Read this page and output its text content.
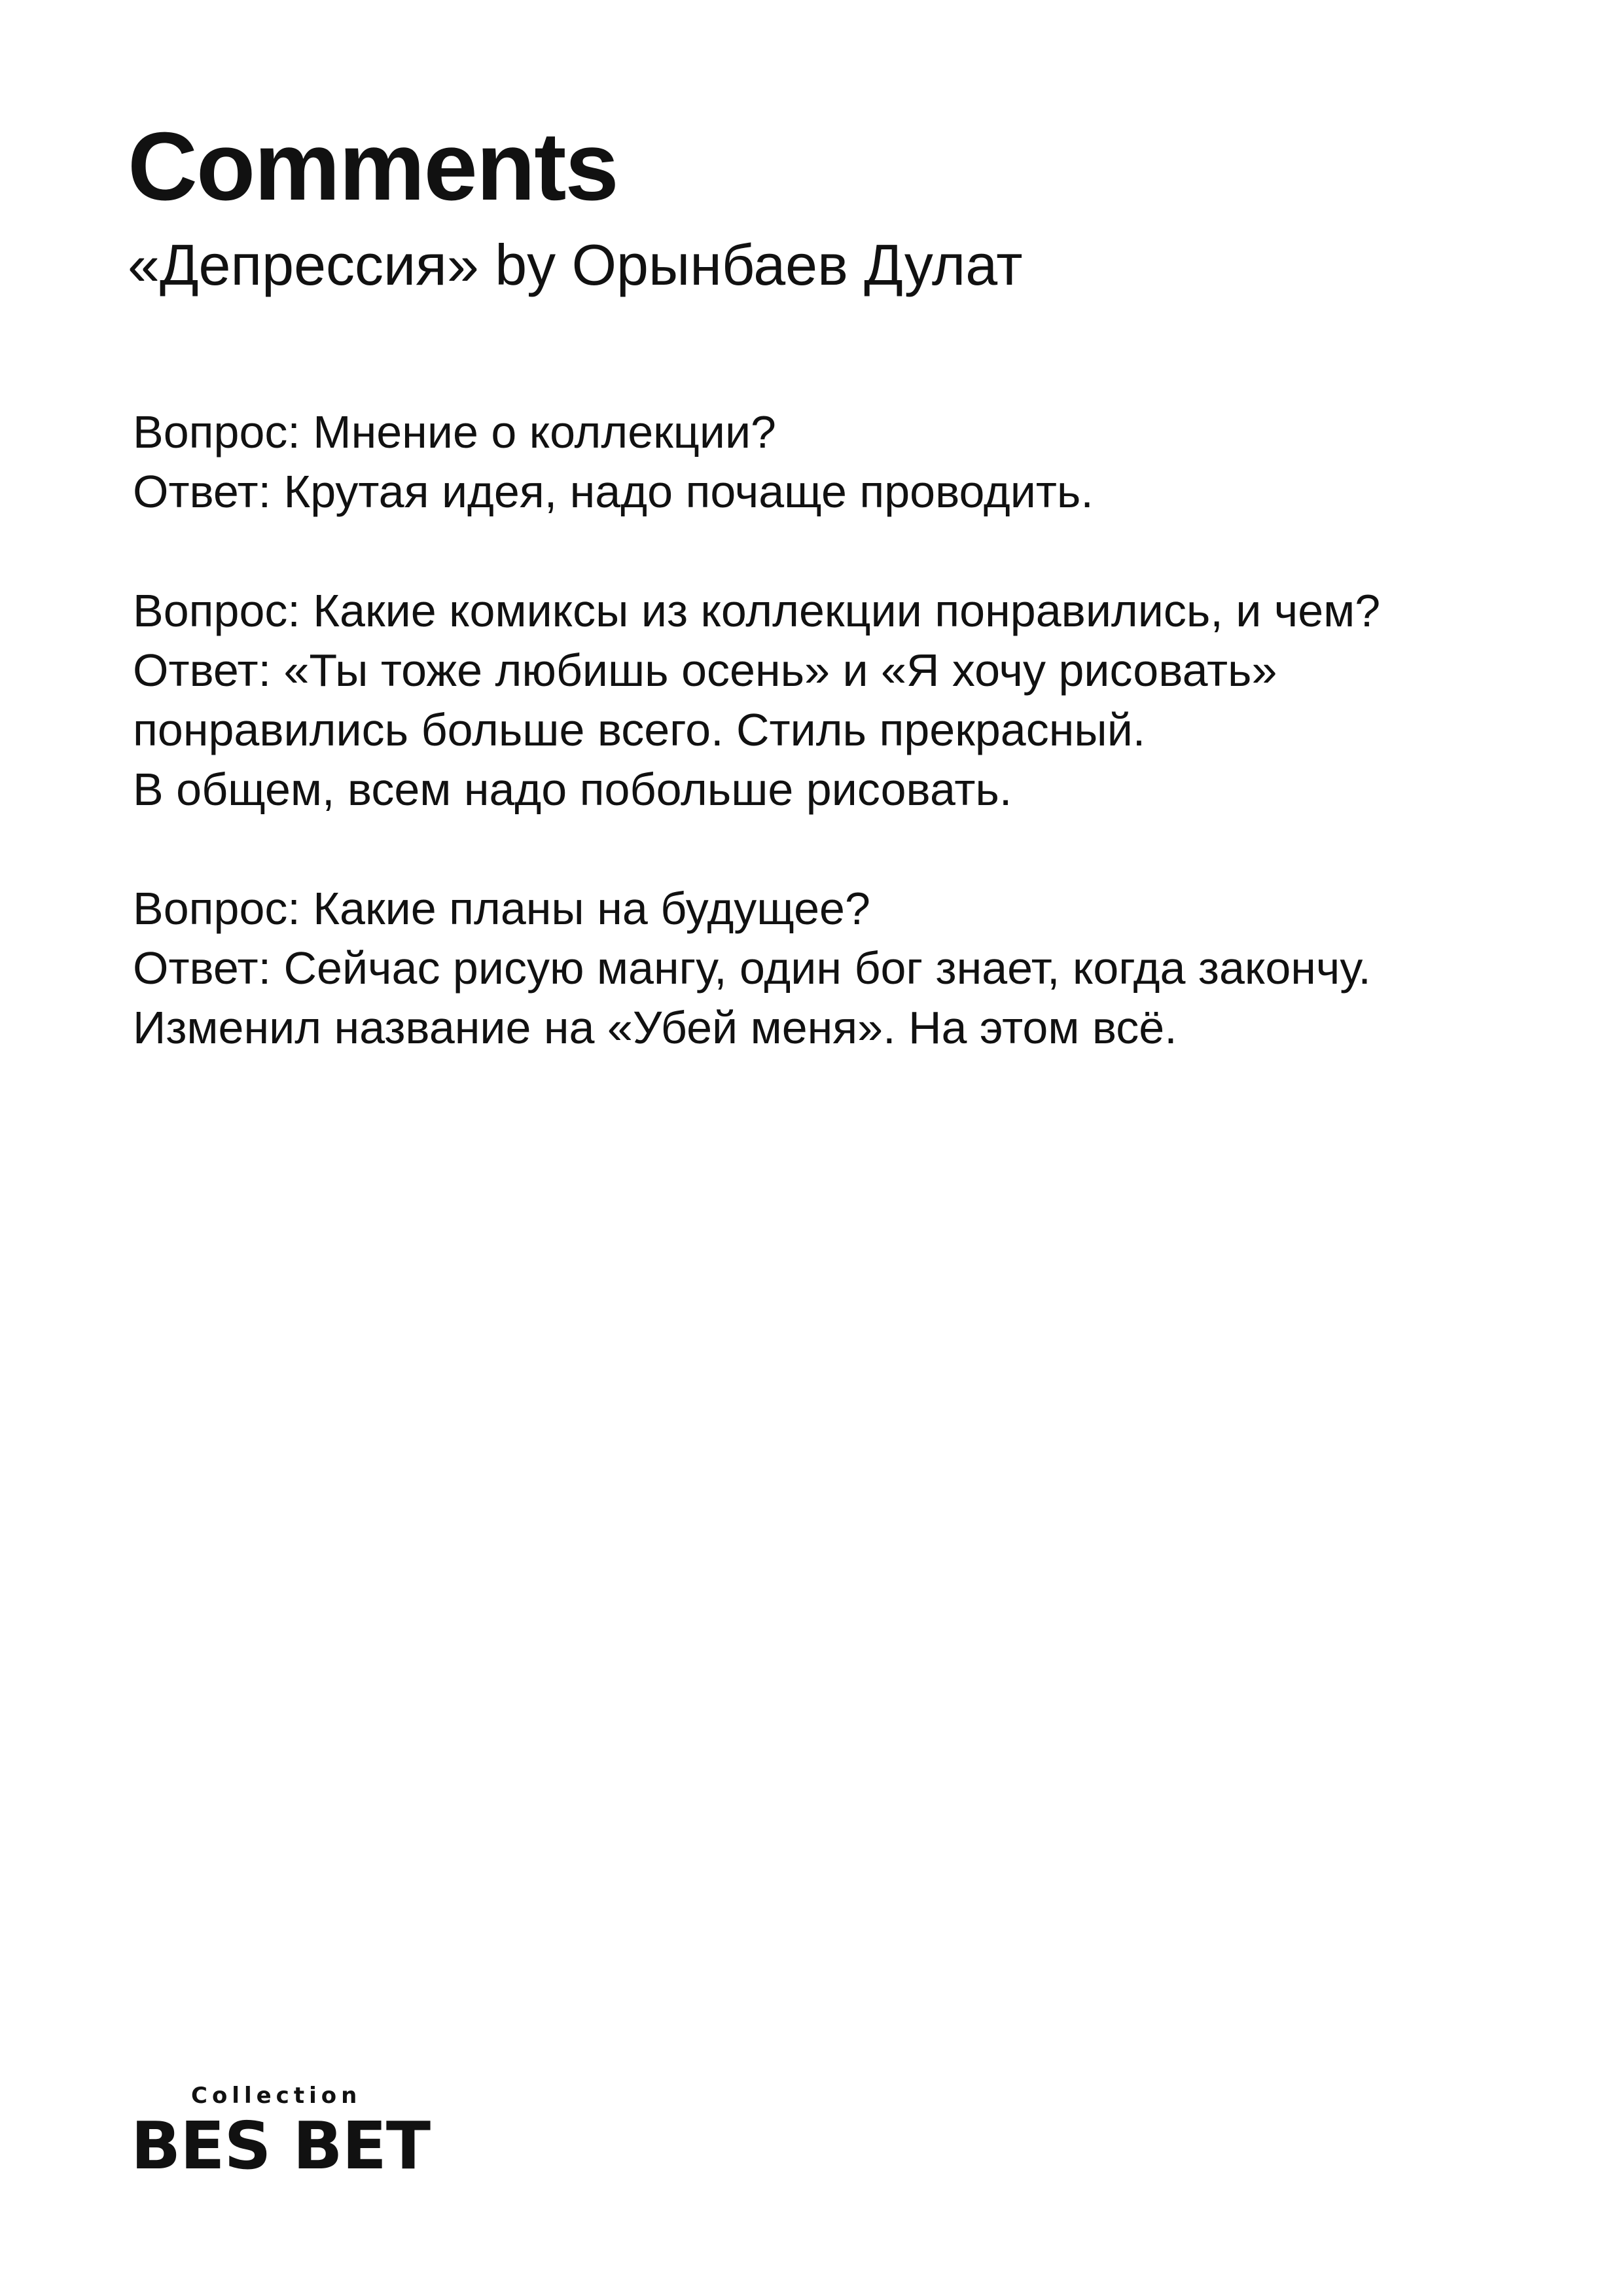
Comments
«Депрессия» by Орынбаев Дулат
Вопрос: Мнение о коллекции?
Ответ: Крутая идея, надо почаще проводить.
Вопрос: Какие комиксы из коллекции понравились, и чем?
Ответ: «Ты тоже любишь осень» и «Я хочу рисовать»
понравились больше всего. Стиль прекрасный.
В общем, всем надо побольше рисовать.
Вопрос: Какие планы на будущее?
Ответ: Сейчас рисую мангу, один бог знает, когда закончу.
Изменил название на «Убей меня». На этом всё.
Collection
BES BET
